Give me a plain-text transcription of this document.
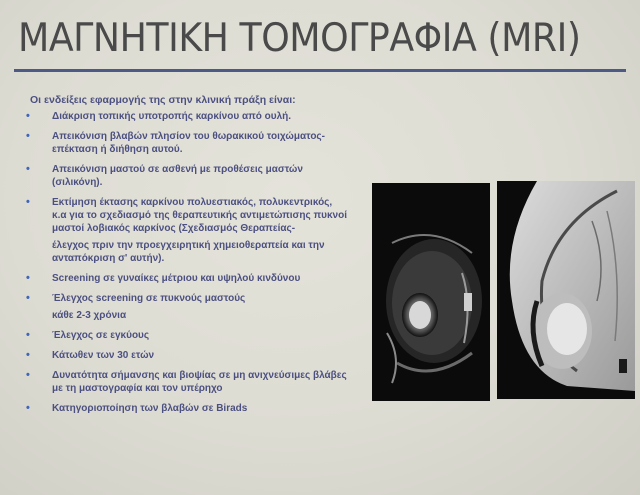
ΜΑΓΝΗΤΙΚΗ ΤΟΜΟΓΡΑΦΙΑ (MRI)
Οι ενδείξεις εφαρμογής της στην κλινική πράξη είναι:
• Διάκριση τοπικής υποτροπής καρκίνου από ουλή.
• Απεικόνιση βλαβών πλησίον του θωρακικού τοιχώματος-επέκταση ή διήθηση αυτού.
• Απεικόνιση μαστού σε ασθενή με προθέσεις μαστών (σιλικόνη).
• Εκτίμηση έκτασης καρκίνου πολυεστιακός, πολυκεντρικός, κ.α για το σχεδιασμό της θεραπευτικής αντιμετώπισης πυκνοί μαστοί λοβιακός καρκίνος (Σχεδιασμός Θεραπείας-
έλεγχος πριν την προεγχειρητική χημειοθεραπεία και την ανταπόκριση σ' αυτήν).
• Screening σε γυναίκες μέτριου και υψηλού κινδύνου
• Έλεγχος screening σε πυκνούς μαστούς
κάθε 2-3 χρόνια
• Έλεγχος σε εγκύους
• Κάτωθεν των 30 ετών
• Δυνατότητα σήμανσης και βιοψίας σε μη ανιχνεύσιμες βλάβες με τη μαστογραφία και τον υπέρηχο
• Κατηγοριοποίηση των βλαβών σε Birads
